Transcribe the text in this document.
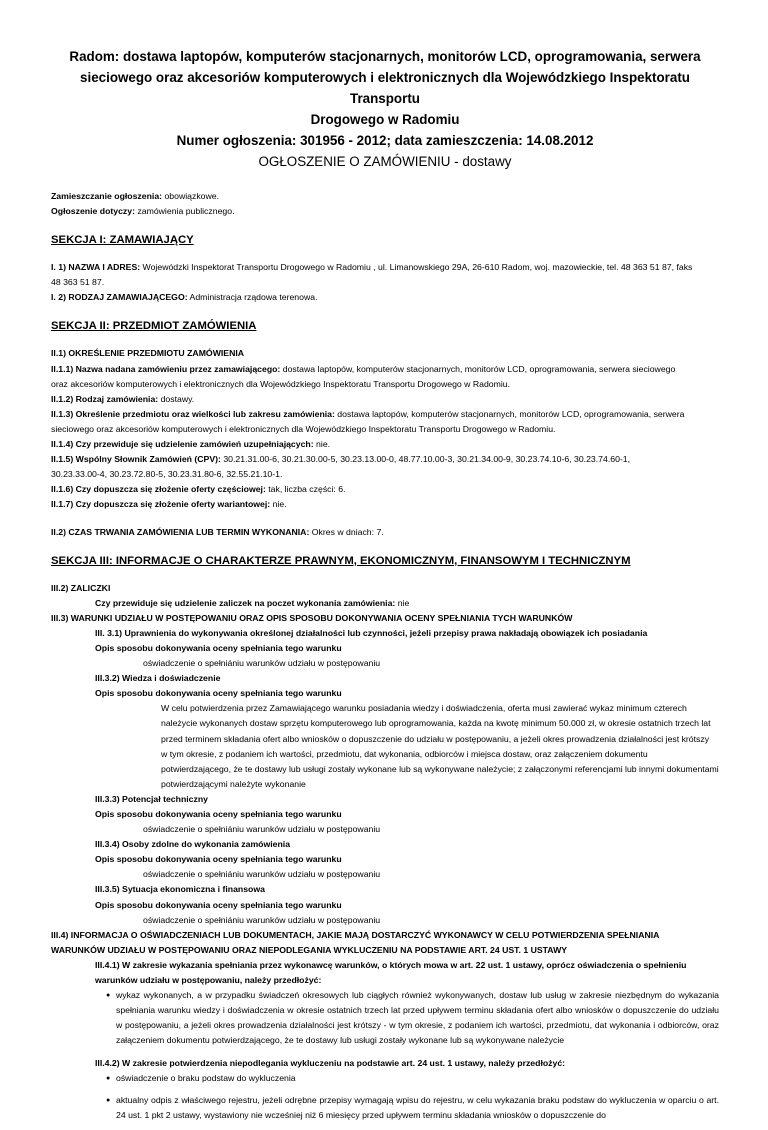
Radom: dostawa laptopów, komputerów stacjonarnych, monitorów LCD, oprogramowania, serwera
sieciowego oraz akcesoriów komputerowych i elektronicznych dla Wojewódzkiego Inspektoratu Transportu
Drogowego w Radomiu
Numer ogłoszenia: 301956 - 2012; data zamieszczenia: 14.08.2012
OGŁOSZENIE O ZAMÓWIENIU - dostawy
Zamieszczanie ogłoszenia: obowiązkowe.
Ogłoszenie dotyczy: zamówienia publicznego.
SEKCJA I: ZAMAWIAJĄCY
I. 1) NAZWA I ADRES: Wojewódzki Inspektorat Transportu Drogowego w Radomiu , ul. Limanowskiego 29A, 26-610 Radom, woj. mazowieckie, tel. 48 363 51 87, faks
48 363 51 87.
I. 2) RODZAJ ZAMAWIAJĄCEGO: Administracja rządowa terenowa.
SEKCJA II: PRZEDMIOT ZAMÓWIENIA
II.1) OKREŚLENIE PRZEDMIOTU ZAMÓWIENIA
II.1.1) Nazwa nadana zamówieniu przez zamawiającego: dostawa laptopów, komputerów stacjonarnych, monitorów LCD, oprogramowania, serwera sieciowego
oraz akcesoriów komputerowych i elektronicznych dla Wojewódzkiego Inspektoratu Transportu Drogowego w Radomiu.
II.1.2) Rodzaj zamówienia: dostawy.
II.1.3) Określenie przedmiotu oraz wielkości lub zakresu zamówienia: dostawa laptopów, komputerów stacjonarnych, monitorów LCD, oprogramowania, serwera
sieciowego oraz akcesoriów komputerowych i elektronicznych dla Wojewódzkiego Inspektoratu Transportu Drogowego w Radomiu.
II.1.4) Czy przewiduje się udzielenie zamówień uzupełniających: nie.
II.1.5) Wspólny Słownik Zamówień (CPV): 30.21.31.00-6, 30.21.30.00-5, 30.23.13.00-0, 48.77.10.00-3, 30.21.34.00-9, 30.23.74.10-6, 30.23.74.60-1,
30.23.33.00-4, 30.23.72.80-5, 30.23.31.80-6, 32.55.21.10-1.
II.1.6) Czy dopuszcza się złożenie oferty częściowej: tak, liczba części: 6.
II.1.7) Czy dopuszcza się złożenie oferty wariantowej: nie.
II.2) CZAS TRWANIA ZAMÓWIENIA LUB TERMIN WYKONANIA: Okres w dniach: 7.
SEKCJA III: INFORMACJE O CHARAKTERZE PRAWNYM, EKONOMICZNYM, FINANSOWYM I TECHNICZNYM
III.2) ZALICZKI
Czy przewiduje się udzielenie zaliczek na poczet wykonania zamówienia: nie
III.3) WARUNKI UDZIAŁU W POSTĘPOWANIU ORAZ OPIS SPOSOBU DOKONYWANIA OCENY SPEŁNIANIA TYCH WARUNKÓW
III. 3.1) Uprawnienia do wykonywania określonej działalności lub czynności, jeżeli przepisy prawa nakładają obowiązek ich posiadania
Opis sposobu dokonywania oceny spełniania tego warunku
oświadczenie o spełniániu warunków udziału w postępowaniu
III.3.2) Wiedza i doświadczenie
Opis sposobu dokonywania oceny spełniania tego warunku
W celu potwierdzenia przez Zamawiającego warunku posiadania wiedzy i doświadczenia, oferta musi zawierać wykaz minimum czterech
należycie wykonanych dostaw sprzętu komputerowego lub oprogramowania, każda na kwotę minimum 50.000 zł, w okresie ostatnich trzech lat
przed terminem składania ofert albo wniosków o dopuszczenie do udziału w postępowaniu, a jeżeli okres prowadzenia działalności jest krótszy
w tym okresie, z podaniem ich wartości, przedmiotu, dat wykonania, odbiorców i miejsca dostaw, oraz załączeniem dokumentu
potwierdzającego, że te dostawy lub usługi zostały wykonane lub są wykonywane należycie; z załączonymi referencjami lub innymi dokumentami
potwierdzającymi należyte wykonanie
III.3.3) Potencjał techniczny
Opis sposobu dokonywania oceny spełniania tego warunku
oświadczenie o spełniániu warunków udziału w postępowaniu
III.3.4) Osoby zdolne do wykonania zamówienia
Opis sposobu dokonywania oceny spełniania tego warunku
oświadczenie o spełniániu warunków udziału w postępowaniu
III.3.5) Sytuacja ekonomiczna i finansowa
Opis sposobu dokonywania oceny spełniania tego warunku
oświadczenie o spełniániu warunków udziału w postępowaniu
III.4) INFORMACJA O OŚWIADCZENIACH LUB DOKUMENTACH, JAKIE MAJĄ DOSTARCZYĆ WYKONAWCY W CELU POTWIERDZENIA SPEŁNIANIA
WARUNKÓW UDZIAŁU W POSTĘPOWANIU ORAZ NIEPODLEGANIA WYKLUCZENIU NA PODSTAWIE ART. 24 UST. 1 USTAWY
III.4.1) W zakresie wykazania spełniania przez wykonawcę warunków, o których mowa w art. 22 ust. 1 ustawy, oprócz oświadczenia o spełnieniu
warunków udziału w postępowaniu, należy przedłożyć:
● wykaz wykonanych, a w przypadku świadczeń okresowych lub ciągłych również wykonywanych, dostaw lub usług w zakresie niezbędnym do wykazania spełniania warunku wiedzy i doświadczenia w okresie ostatnich trzech lat przed upływem terminu składania ofert albo wniosków o dopuszczenie do udziału w postępowaniu, a jeżeli okres prowadzenia działalności jest krótszy - w tym okresie, z podaniem ich wartości, przedmiotu, dat wykonania i odbiorców, oraz załączeniem dokumentu potwierdzającego, że te dostawy lub usługi zostały wykonane lub są wykonywane należycie
III.4.2) W zakresie potwierdzenia niepodlegania wykluczeniu na podstawie art. 24 ust. 1 ustawy, należy przedłożyć:
● oświadczenie o braku podstaw do wykluczenia
● aktualny odpis z właściwego rejestru, jeżeli odrębne przepisy wymagają wpisu do rejestru, w celu wykazania braku podstaw do wykluczenia w oparciu o art. 24 ust. 1 pkt 2 ustawy, wystawiony nie wcześniej niż 6 miesięcy przed upływem terminu składania wniosków o dopuszczenie do
